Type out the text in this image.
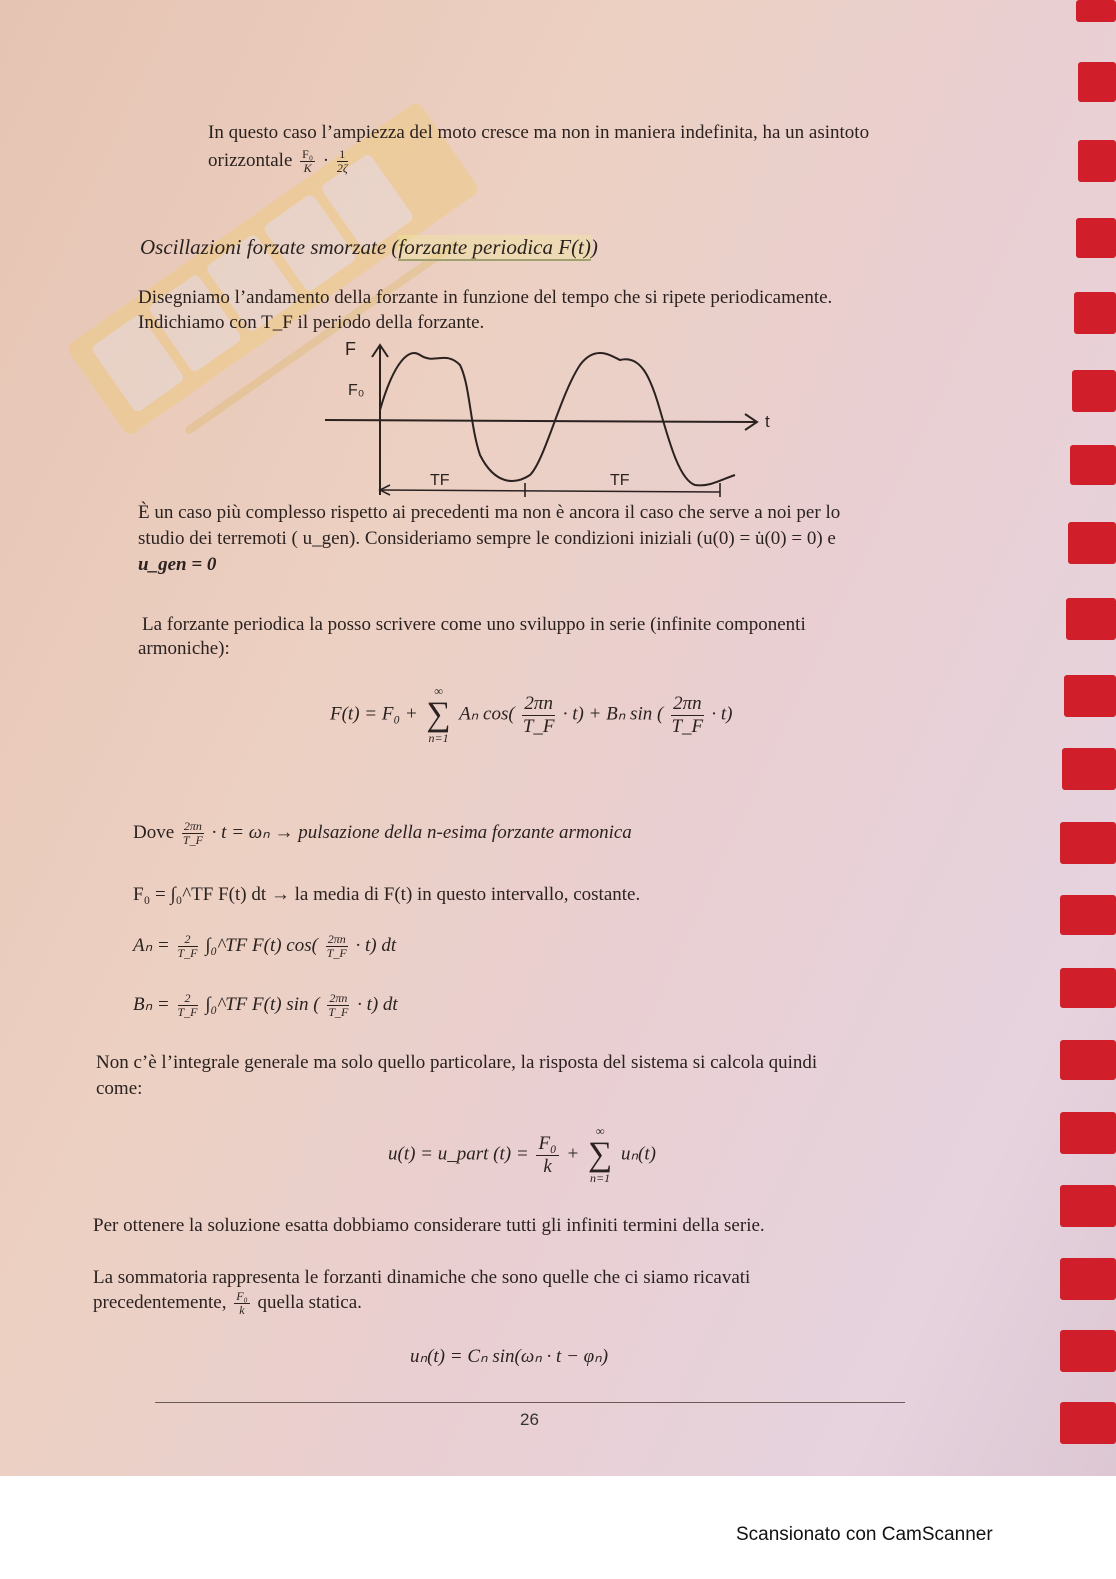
In questo caso l’ampiezza del moto cresce ma non in maniera indefinita, ha un asintoto
orizzontale $\frac{\text{F₀}}{K} \cdot \frac{1}{2\zeta}$
Oscillazioni forzate smorzate (forzante periodica F(t))
Disegniamo l’andamento della forzante in funzione del tempo che si ripete periodicamente.
Indichiamo con T_F il periodo della forzante.
F
F₀
t
TF	TF
È un caso più complesso rispetto ai precedenti ma non è ancora il caso che serve a noi per lo
studio dei terremoti ( u_gen). Consideriamo sempre le condizioni iniziali (u(0) = u̇(0) = 0) e
u_gen = 0
La forzante periodica la posso scrivere come uno sviluppo in serie (infinite componenti
armoniche):
F(t) = F₀ +
∞
∑
n=1
Aₙ $\cos( \frac{2\pi n}{T\_F} \cdot t) + B_n$ sin ( $\frac{2\pi n}{T\_F} \cdot t$)
Dove $\frac{2\pi n}{T\_F} \cdot t = \omega_n$ → pulsazione della n-esima forzante armonica
F₀ = ∫₀^TF F(t) dt → la media di F(t) in questo intervallo, costante.
$A_n = \frac{2}{T\_F}$ ∫₀^TF F(t) $\cos( \frac{2\pi n}{T\_F} \cdot t)$ dt
$B_n = \frac{2}{T\_F}$ ∫₀^TF F(t) sin ( $\frac{2\pi n}{T\_F} \cdot t$) dt
Non c’è l’integrale generale ma solo quello particolare, la risposta del sistema si calcola quindi
come:
u(t) = u_part $(t) = \frac{\text{F₀}}{k}$ +
∞
∑
n=1
uₙ(t)
Per ottenere la soluzione esatta dobbiamo considerare tutti gli infiniti termini della serie.
La sommatoria rappresenta le forzanti dinamiche che sono quelle che ci siamo ricavati
precedentemente, $\frac{\text{F₀}}{k}$ quella statica.
uₙ(t) = Cₙ sin(ωₙ · t − φₙ)
26
Scansionato con CamScanner
